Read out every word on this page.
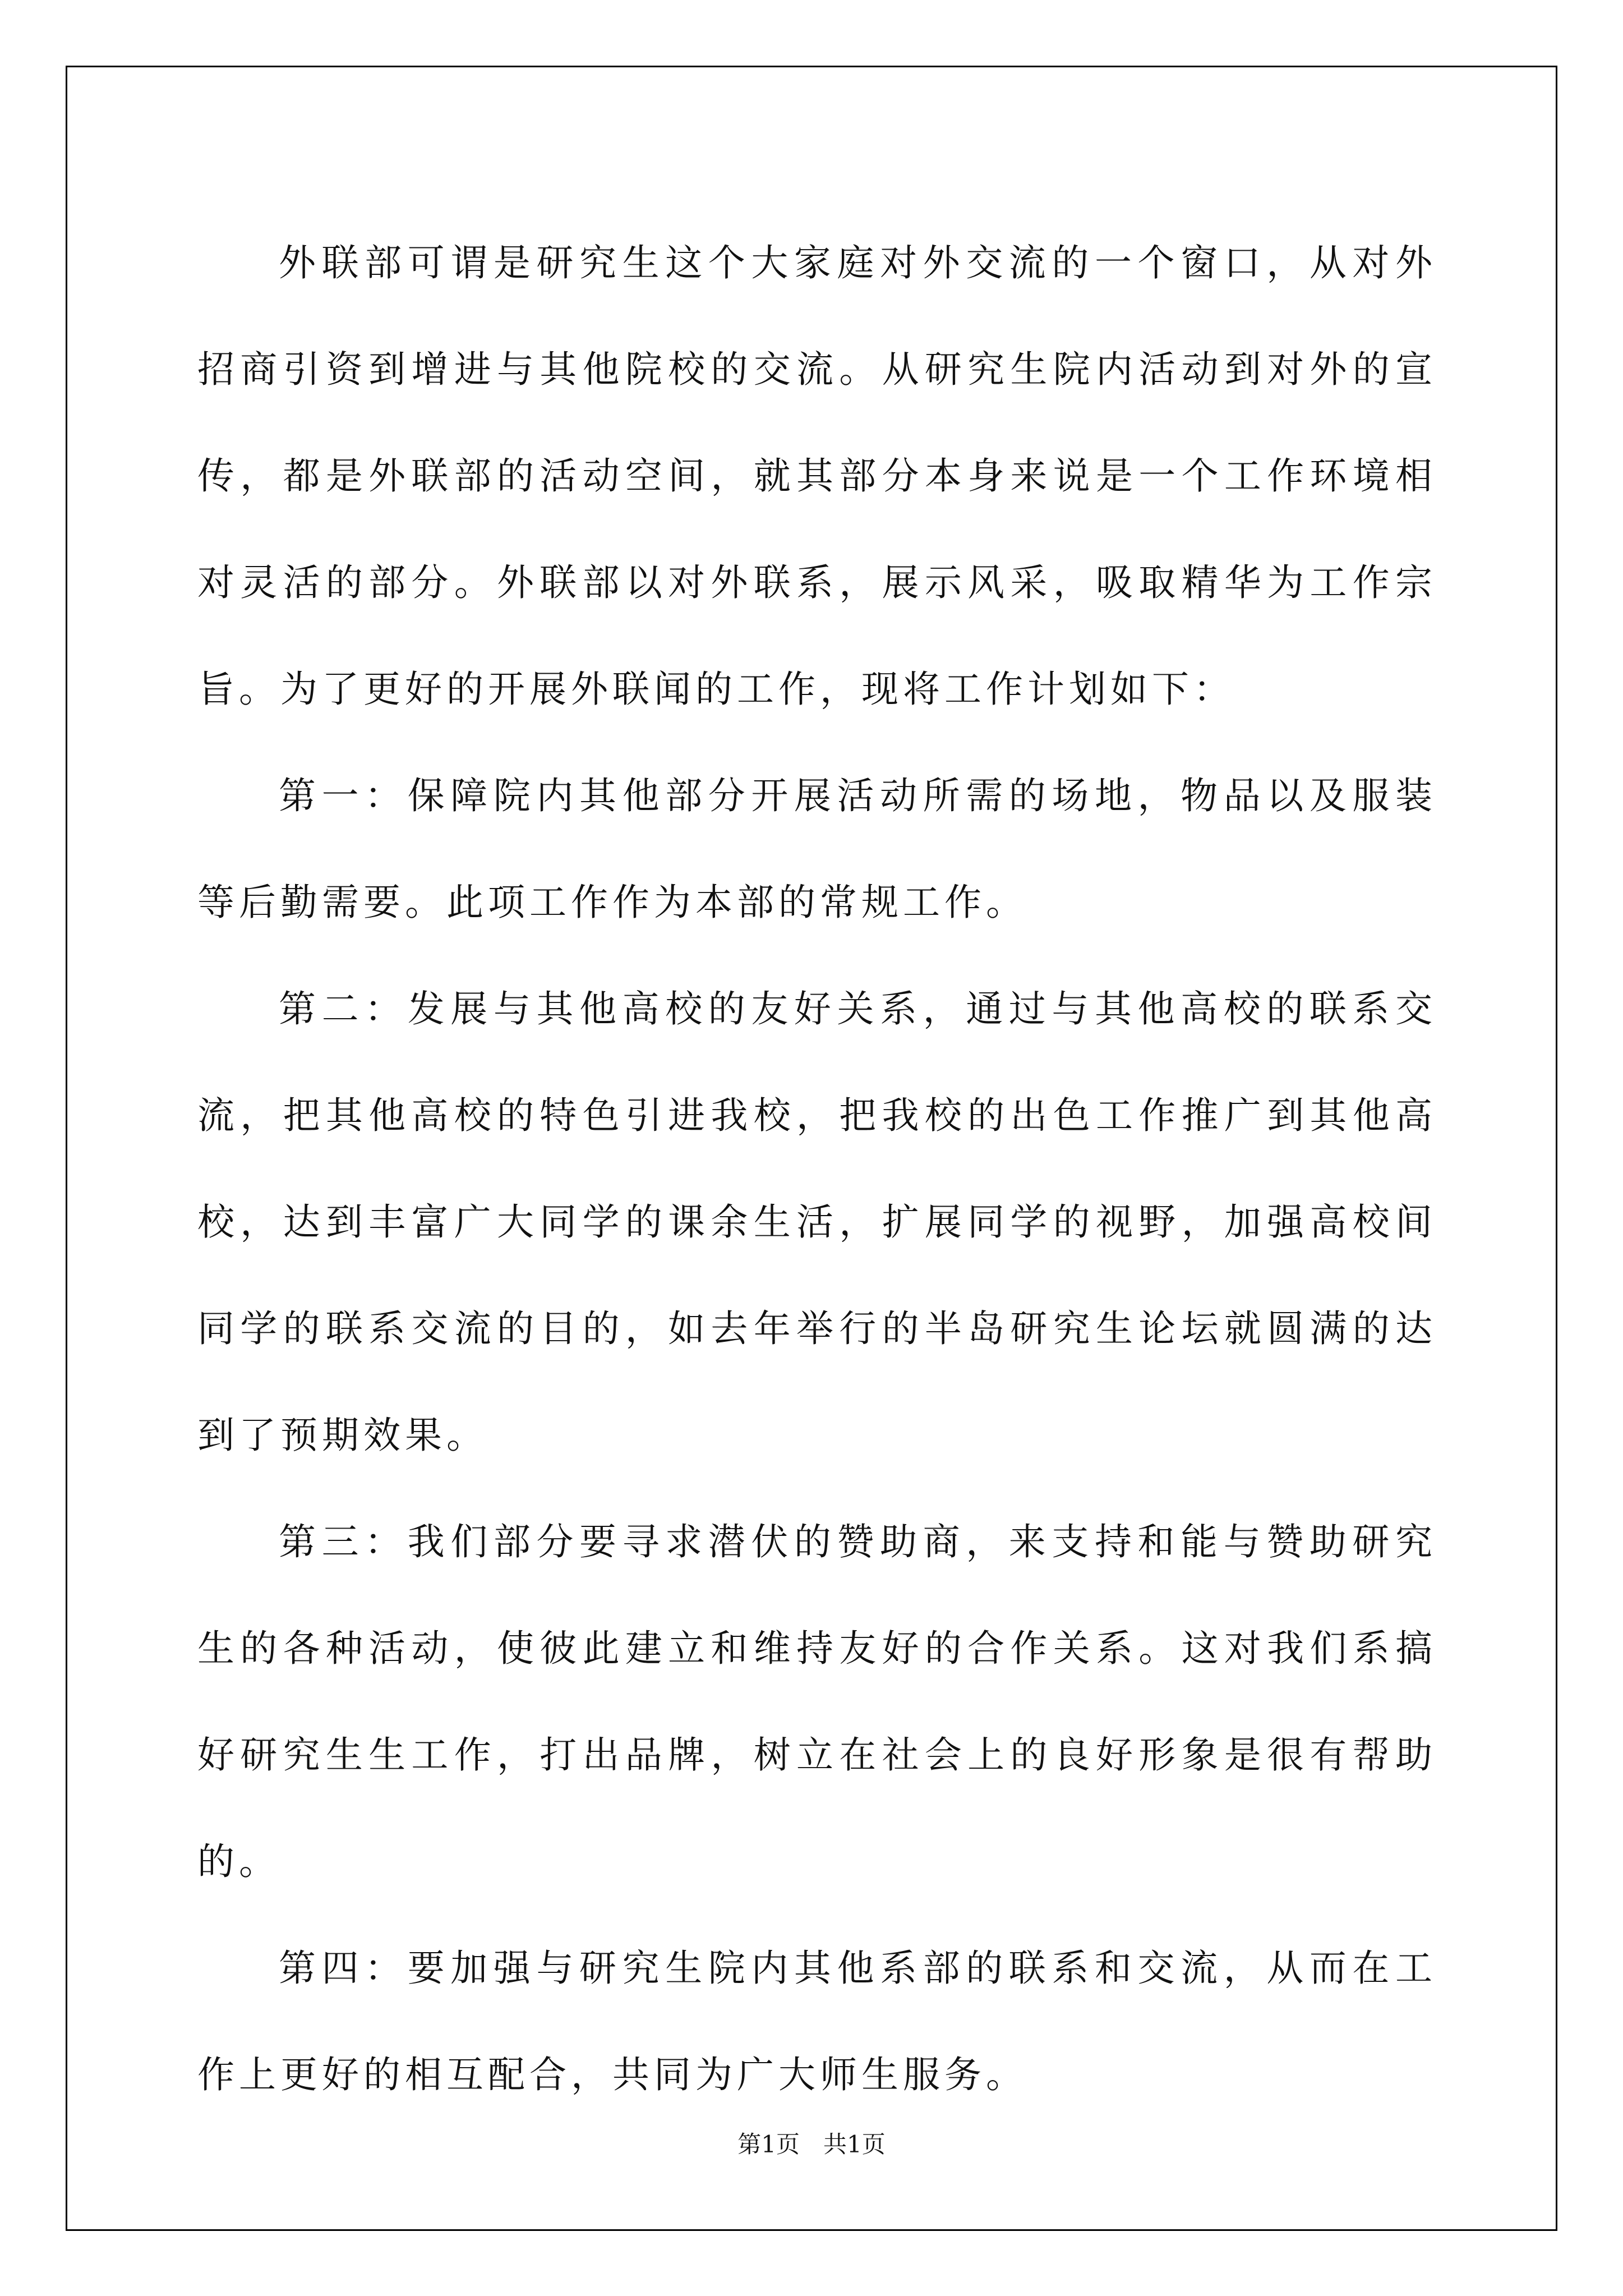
外联部可谓是研究生这个大家庭对外交流的一个窗口，从对外招商引资到增进与其他院校的交流。从研究生院内活动到对外的宣传，都是外联部的活动空间，就其部分本身来说是一个工作环境相对灵活的部分。外联部以对外联系，展示风采，吸取精华为工作宗旨。为了更好的开展外联闻的工作，现将工作计划如下：

第一：保障院内其他部分开展活动所需的场地，物品以及服装等后勤需要。此项工作作为本部的常规工作。

第二：发展与其他高校的友好关系，通过与其他高校的联系交流，把其他高校的特色引进我校，把我校的出色工作推广到其他高校，达到丰富广大同学的课余生活，扩展同学的视野，加强高校间同学的联系交流的目的，如去年举行的半岛研究生论坛就圆满的达到了预期效果。

第三：我们部分要寻求潜伏的赞助商，来支持和能与赞助研究生的各种活动，使彼此建立和维持友好的合作关系。这对我们系搞好研究生生工作，打出品牌，树立在社会上的良好形象是很有帮助的。

第四：要加强与研究生院内其他系部的联系和交流，从而在工作上更好的相互配合，共同为广大师生服务。

第1页　共1页
